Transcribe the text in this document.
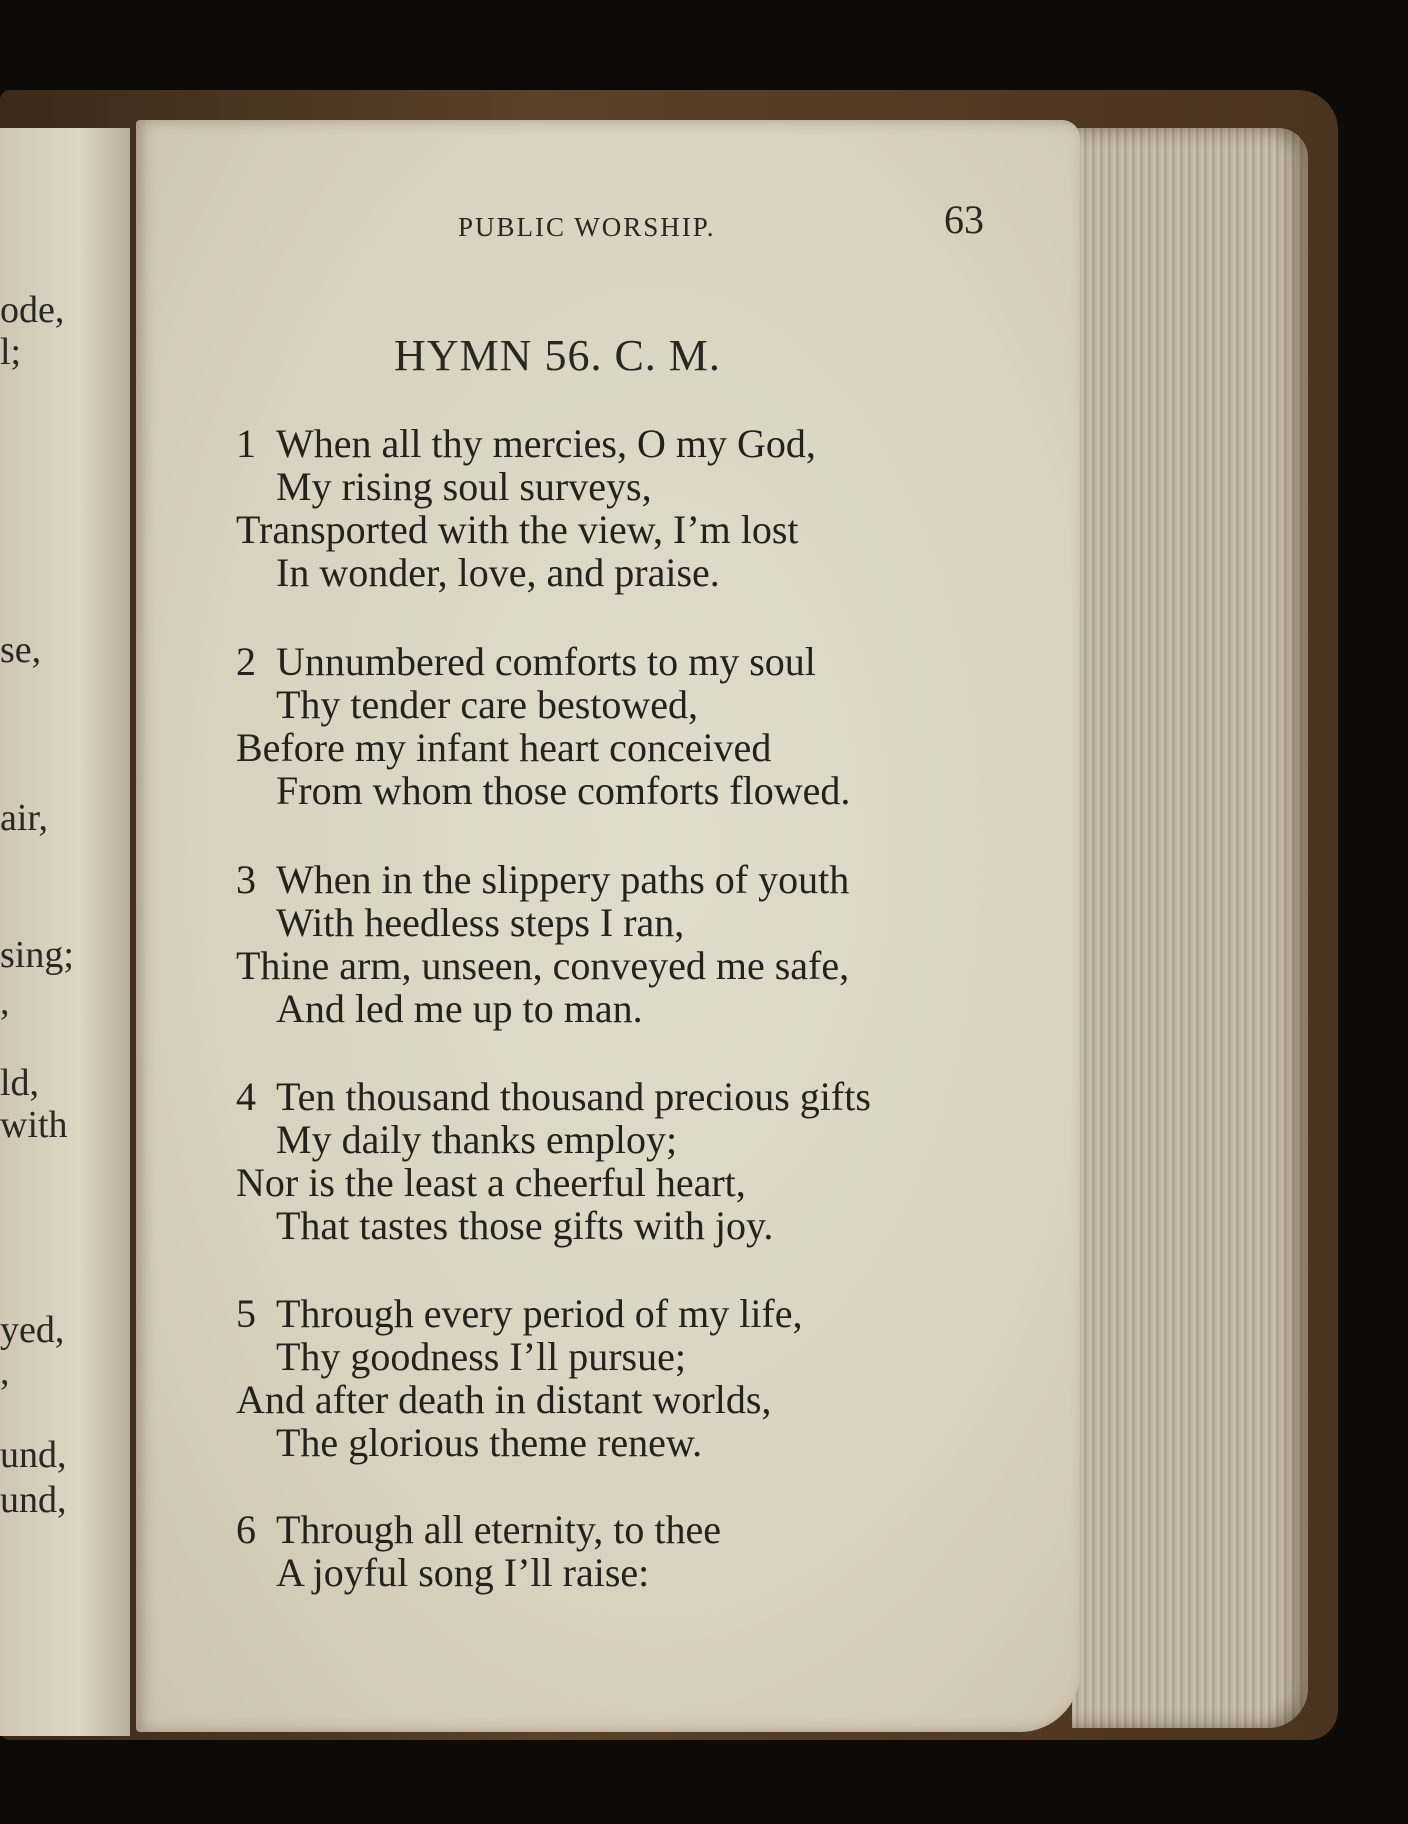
ode,
l;
se,
air,
sing;
,
ld,
with
yed,
,
und,
und,
PUBLIC WORSHIP.	63
HYMN 56. C. M.
1 When all thy mercies, O my God,
My rising soul surveys,
Transported with the view, I’m lost
In wonder, love, and praise.
2 Unnumbered comforts to my soul
Thy tender care bestowed,
Before my infant heart conceived
From whom those comforts flowed.
3 When in the slippery paths of youth
With heedless steps I ran,
Thine arm, unseen, conveyed me safe,
And led me up to man.
4 Ten thousand thousand precious gifts
My daily thanks employ;
Nor is the least a cheerful heart,
That tastes those gifts with joy.
5 Through every period of my life,
Thy goodness I’ll pursue;
And after death in distant worlds,
The glorious theme renew.
6 Through all eternity, to thee
A joyful song I’ll raise:
